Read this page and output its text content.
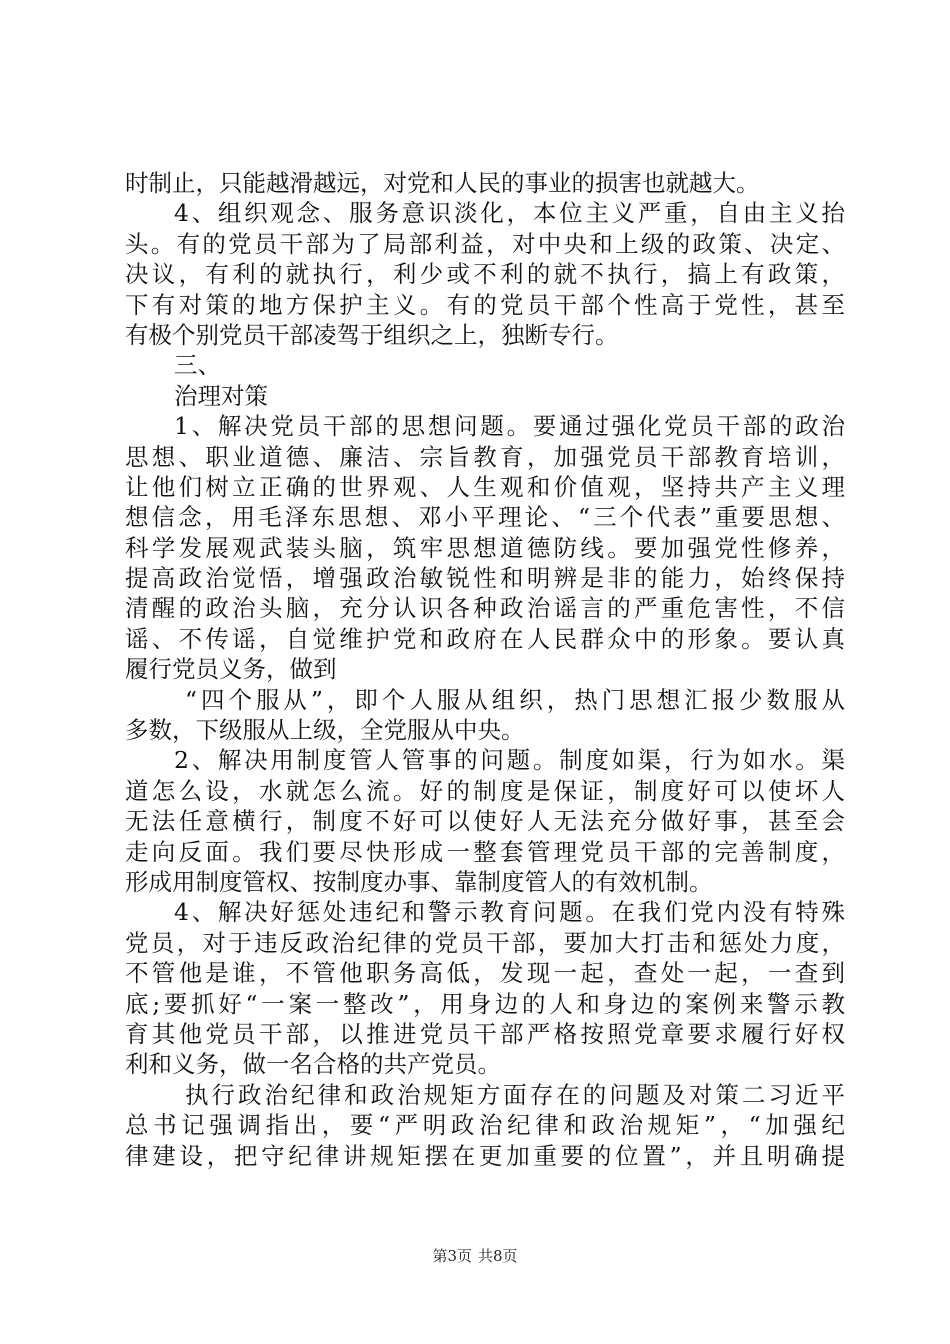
时制止，只能越滑越远，对党和人民的事业的损害也就越大。
4、组织观念、服务意识淡化，本位主义严重，自由主义抬
头。有的党员干部为了局部利益，对中央和上级的政策、决定、
决议，有利的就执行，利少或不利的就不执行，搞上有政策，
下有对策的地方保护主义。有的党员干部个性高于党性，甚至
有极个别党员干部凌驾于组织之上，独断专行。
三、
治理对策
1、解决党员干部的思想问题。要通过强化党员干部的政治
思想、职业道德、廉洁、宗旨教育，加强党员干部教育培训，
让他们树立正确的世界观、人生观和价值观，坚持共产主义理
想信念，用毛泽东思想、邓小平理论、“三个代表”重要思想、
科学发展观武装头脑，筑牢思想道德防线。要加强党性修养，
提高政治觉悟，增强政治敏锐性和明辨是非的能力，始终保持
清醒的政治头脑，充分认识各种政治谣言的严重危害性，不信
谣、不传谣，自觉维护党和政府在人民群众中的形象。要认真
履行党员义务，做到
“四个服从”，即个人服从组织，热门思想汇报少数服从
多数，下级服从上级，全党服从中央。
2、解决用制度管人管事的问题。制度如渠，行为如水。渠
道怎么设，水就怎么流。好的制度是保证，制度好可以使坏人
无法任意横行，制度不好可以使好人无法充分做好事，甚至会
走向反面。我们要尽快形成一整套管理党员干部的完善制度，
形成用制度管权、按制度办事、靠制度管人的有效机制。
4、解决好惩处违纪和警示教育问题。在我们党内没有特殊
党员，对于违反政治纪律的党员干部，要加大打击和惩处力度，
不管他是谁，不管他职务高低，发现一起，查处一起，一查到
底;要抓好“一案一整改”，用身边的人和身边的案例来警示教
育其他党员干部，以推进党员干部严格按照党章要求履行好权
利和义务，做一名合格的共产党员。
执行政治纪律和政治规矩方面存在的问题及对策二习近平
总书记强调指出，要“严明政治纪律和政治规矩”，“加强纪
律建设，把守纪律讲规矩摆在更加重要的位置”，并且明确提
第3页 共8页
